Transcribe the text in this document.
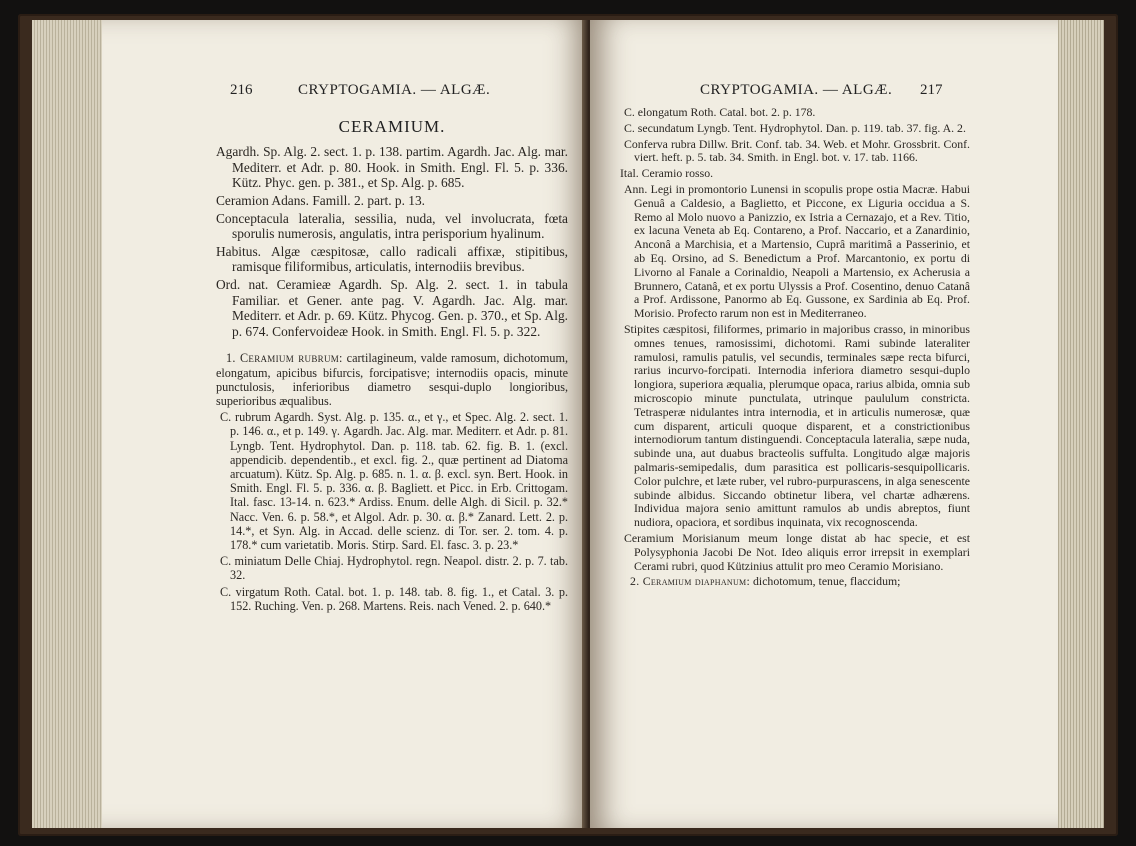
216	CRYPTOGAMIA. — ALGÆ.
CERAMIUM.

Agardh. Sp. Alg. 2. sect. 1. p. 138. partim. Agardh. Jac. Alg. mar. Mediterr. et Adr. p. 80. Hook. in Smith. Engl. Fl. 5. p. 336. Kütz. Phyc. gen. p. 381., et Sp. Alg. p. 685.

Ceramion Adans. Famill. 2. part. p. 13.

Conceptacula lateralia, sessilia, nuda, vel involucrata, fœta sporulis numerosis, angulatis, intra perisporium hyalinum.

Habitus. Algæ cæspitosæ, callo radicali affixæ, stipitibus, ramisque filiformibus, articulatis, internodiis brevibus.

Ord. nat. Ceramieæ Agardh. Sp. Alg. 2. sect. 1. in tabula Familiar. et Gener. ante pag. V. Agardh. Jac. Alg. mar. Mediterr. et Adr. p. 69. Kütz. Phycog. Gen. p. 370., et Sp. Alg. p. 674. Confervoideæ Hook. in Smith. Engl. Fl. 5. p. 322.

1. Ceramium rubrum: cartilagineum, valde ramosum, dichotomum, elongatum, apicibus bifurcis, forcipatisve; internodiis opacis, minute punctulosis, inferioribus diametro sesqui-duplo longioribus, superioribus æqualibus.

C. rubrum Agardh. Syst. Alg. p. 135. α., et γ., et Spec. Alg. 2. sect. 1. p. 146. α., et p. 149. γ. Agardh. Jac. Alg. mar. Mediterr. et Adr. p. 81. Lyngb. Tent. Hydrophytol. Dan. p. 118. tab. 62. fig. B. 1. (excl. appendicib. dependentib., et excl. fig. 2., quæ pertinent ad Diatoma arcuatum). Kütz. Sp. Alg. p. 685. n. 1. α. β. excl. syn. Bert. Hook. in Smith. Engl. Fl. 5. p. 336. α. β. Bagliett. et Picc. in Erb. Crittogam. Ital. fasc. 13-14. n. 623.* Ardiss. Enum. delle Algh. di Sicil. p. 32.* Nacc. Ven. 6. p. 58.*, et Algol. Adr. p. 30. α. β.* Zanard. Lett. 2. p. 14.*, et Syn. Alg. in Accad. delle scienz. di Tor. ser. 2. tom. 4. p. 178.* cum varietatib. Moris. Stirp. Sard. El. fasc. 3. p. 23.*

C. miniatum Delle Chiaj. Hydrophytol. regn. Neapol. distr. 2. p. 7. tab. 32.

C. virgatum Roth. Catal. bot. 1. p. 148. tab. 8. fig. 1., et Catal. 3. p. 152. Ruching. Ven. p. 268. Martens. Reis. nach Vened. 2. p. 640.*

CRYPTOGAMIA. — ALGÆ. 217

C. elongatum Roth. Catal. bot. 2. p. 178.

C. secundatum Lyngb. Tent. Hydrophytol. Dan. p. 119. tab. 37. fig. A. 2.

Conferva rubra Dillw. Brit. Conf. tab. 34. Web. et Mohr. Grossbrit. Conf. viert. heft. p. 5. tab. 34. Smith. in Engl. bot. v. 17. tab. 1166.

Ital. Ceramio rosso.

Ann. Legi in promontorio Lunensi in scopulis prope ostia Macræ. Habui Genuâ a Caldesio, a Baglietto, et Piccone, ex Liguria occidua a S. Remo al Molo nuovo a Panizzio, ex Istria a Cernazajo, et a Rev. Titio, ex lacuna Veneta ab Eq. Contareno, a Prof. Naccario, et a Zanardinio, Anconâ a Marchisia, et a Martensio, Cuprâ maritimâ a Passerinio, et ab Eq. Orsino, ad S. Benedictum a Prof. Marcantonio, ex portu di Livorno al Fanale a Corinaldio, Neapoli a Martensio, ex Acherusia a Brunnero, Catanâ, et ex portu Ulyssis a Prof. Cosentino, denuo Catanâ a Prof. Ardissone, Panormo ab Eq. Gussone, ex Sardinia ab Eq. Prof. Morisio. Profecto rarum non est in Mediterraneo.

Stipites cæspitosi, filiformes, primario in majoribus crasso, in minoribus omnes tenues, ramosissimi, dichotomi. Rami subinde lateraliter ramulosi, ramulis patulis, vel secundis, terminales sæpe recta bifurci, rarius incurvo-forcipati. Internodia inferiora diametro sesqui-duplo longiora, superiora æqualia, plerumque opaca, rarius albida, omnia sub microscopio minute punctulata, utrinque paululum constricta. Tetrasperæ nidulantes intra internodia, et in articulis numerosæ, quæ cum disparent, articuli quoque disparent, et a constrictionibus internodiorum tantum distinguendi. Conceptacula lateralia, sæpe nuda, subinde una, aut duabus bracteolis suffulta. Longitudo algæ majoris palmaris-semipedalis, dum parasitica est pollicaris-sesquipollicaris. Color pulchre, et læte ruber, vel rubro-purpurascens, in alga senescente subinde albidus. Siccando obtinetur libera, vel chartæ adhærens. Individua majora senio amittunt ramulos ab undis abreptos, fiunt nudiora, opaciora, et sordibus inquinata, vix recognoscenda.

Ceramium Morisianum meum longe distat ab hac specie, et est Polysyphonia Jacobi De Not. Ideo aliquis error irrepsit in exemplari Cerami rubri, quod Kützinius attulit pro meo Ceramio Morisiano.

2. Ceramium diaphanum: dichotomum, tenue, flaccidum;
